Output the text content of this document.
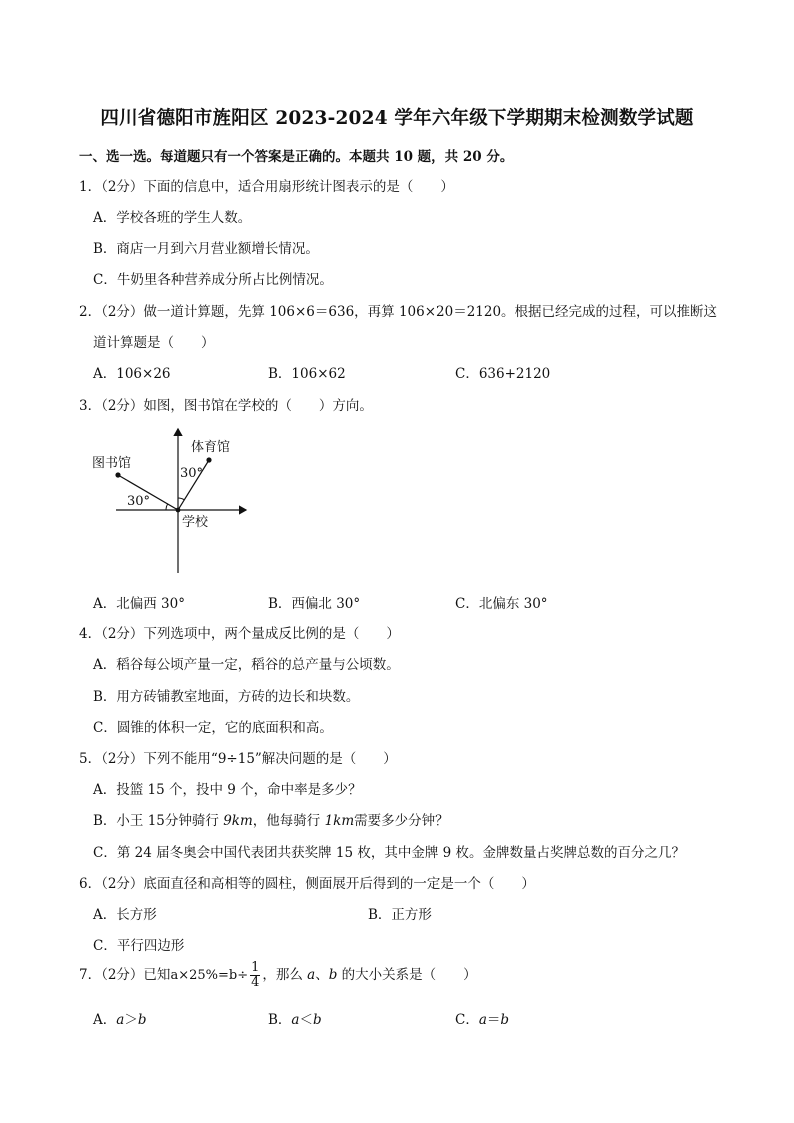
四川省德阳市旌阳区 2023-2024 学年六年级下学期期末检测数学试题
一、选一选。每道题只有一个答案是正确的。本题共 10 题，共 20 分。
1．（2分）下面的信息中，适合用扇形统计图表示的是（　　）
A．学校各班的学生人数。
B．商店一月到六月营业额增长情况。
C．牛奶里各种营养成分所占比例情况。
2．（2分）做一道计算题，先算 106×6＝636，再算 106×20＝2120。根据已经完成的过程，可以推断这
道计算题是（　　）
A．106×26	B．106×62	C．636+2120
3．（2分）如图，图书馆在学校的（　　）方向。
图书馆
体育馆
学校
30°
30°
A．北偏西 30°	B．西偏北 30°	C．北偏东 30°
4．（2分）下列选项中，两个量成反比例的是（　　）
A．稻谷每公顷产量一定，稻谷的总产量与公顷数。
B．用方砖铺教室地面，方砖的边长和块数。
C．圆锥的体积一定，它的底面积和高。
5．（2分）下列不能用“9÷15”解决问题的是（　　）
A．投篮 15 个，投中 9 个，命中率是多少？
B．小王 15分钟骑行 9km，他每骑行 1km需要多少分钟？
C．第 24 届冬奥会中国代表团共获奖牌 15 枚，其中金牌 9 枚。金牌数量占奖牌总数的百分之几？
6．（2分）底面直径和高相等的圆柱，侧面展开后得到的一定是一个（　　）
A．长方形	B．正方形
C．平行四边形
7．（2分）已知$a\times 25\%=b\div \frac{1}{4}$ ，那么 a、b 的大小关系是（　　）
A．a＞b	B．a＜b	C．a＝b
